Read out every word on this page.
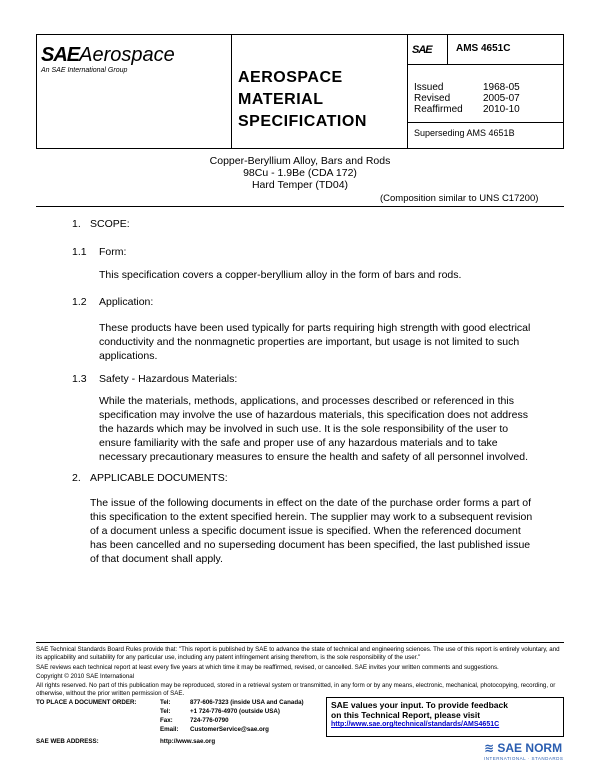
SAEAerospace
An SAE International Group	AEROSPACE
MATERIAL
SPECIFICATION
SAE AMS 4651C
Issued	1968-05
Revised	2005-07
Reaffirmed 2010-10
Superseding AMS 4651B
Copper-Beryllium Alloy, Bars and Rods
98Cu - 1.9Be (CDA 172)
Hard Temper (TD04)
(Composition similar to UNS C17200)
1. SCOPE:
1.1 Form:
This specification covers a copper-beryllium alloy in the form of bars and rods.
1.2 Application:
These products have been used typically for parts requiring high strength with good electrical conductivity and the nonmagnetic properties are important, but usage is not limited to such applications.
1.3 Safety - Hazardous Materials:
While the materials, methods, applications, and processes described or referenced in this specification may involve the use of hazardous materials, this specification does not address the hazards which may be involved in such use. It is the sole responsibility of the user to ensure familiarity with the safe and proper use of any hazardous materials and to take necessary precautionary measures to ensure the health and safety of all personnel involved.
2. APPLICABLE DOCUMENTS:
The issue of the following documents in effect on the date of the purchase order forms a part of this specification to the extent specified herein. The supplier may work to a subsequent revision of a document unless a specific document issue is specified. When the referenced document has been cancelled and no superseding document has been specified, the last published issue of that document shall apply.
SAE Technical Standards Board Rules provide that: "This report is published by SAE to advance the state of technical and engineering sciences. The use of this report is entirely voluntary, and its applicability and suitability for any particular use, including any patent infringement arising therefrom, is the sole responsibility of the user."
SAE reviews each technical report at least every five years at which time it may be reaffirmed, revised, or cancelled. SAE invites your written comments and suggestions.
Copyright © 2010 SAE International
All rights reserved. No part of this publication may be reproduced, stored in a retrieval system or transmitted, in any form or by any means, electronic, mechanical, photocopying, recording, or otherwise, without the prior written permission of SAE.
TO PLACE A DOCUMENT ORDER:	Tel:	877-606-7323 (inside USA and Canada)
Tel:	+1 724-776-4970 (outside USA)
Fax:	724-776-0790
Email: CustomerService@sae.org
SAE WEB ADDRESS:	http://www.sae.org
SAE values your input. To provide feedback
on this Technical Report, please visit
http://www.sae.org/technical/standards/AMS4651C
≋ SAE NORM
INTERNATIONAL · STANDARDS
